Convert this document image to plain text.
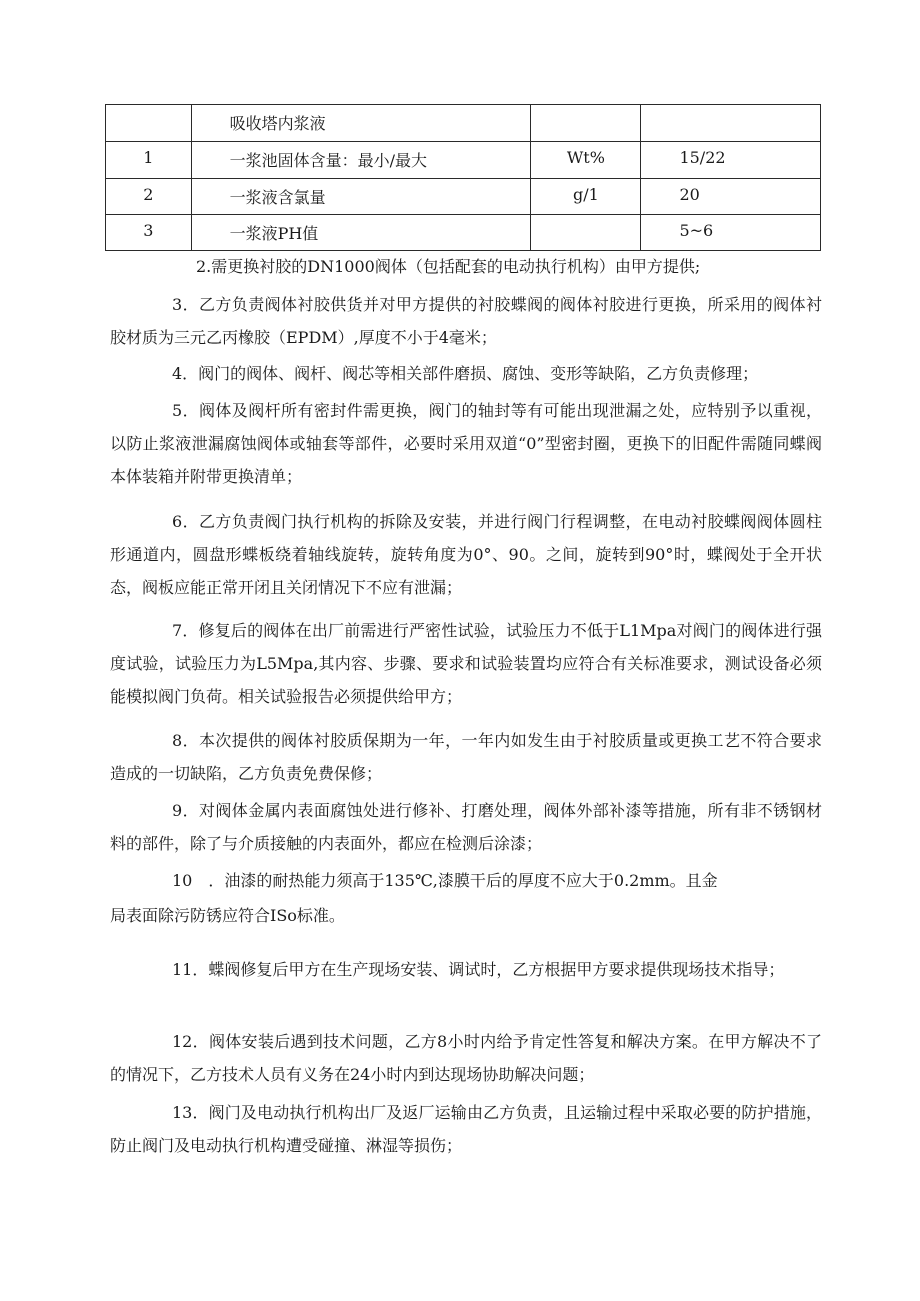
	吸收塔内浆液		
1	一浆池固体含量：最小/最大	Wt%	15/22
2	一浆液含氯量	g/1	20
3	一浆液PH值		5~6

2.需更换衬胶的DN1000阀体（包括配套的电动执行机构）由甲方提供;

3．乙方负责阀体衬胶供货并对甲方提供的衬胶蝶阀的阀体衬胶进行更换，所采用的阀体衬胶材质为三元乙丙橡胶（EPDM）,厚度不小于4毫米；

4．阀门的阀体、阀杆、阀芯等相关部件磨损、腐蚀、变形等缺陷，乙方负责修理；

5．阀体及阀杆所有密封件需更换，阀门的轴封等有可能出现泄漏之处，应特别予以重视，以防止浆液泄漏腐蚀阀体或轴套等部件，必要时采用双道“0”型密封圈，更换下的旧配件需随同蝶阀本体装箱并附带更换清单；

6．乙方负责阀门执行机构的拆除及安装，并进行阀门行程调整，在电动衬胶蝶阀阀体圆柱形通道内，圆盘形蝶板绕着轴线旋转，旋转角度为0°、90。之间，旋转到90°时，蝶阀处于全开状态，阀板应能正常开闭且关闭情况下不应有泄漏；

7．修复后的阀体在出厂前需进行严密性试验，试验压力不低于L1Mpa对阀门的阀体进行强度试验，试验压力为L5Mpa,其内容、步骤、要求和试验装置均应符合有关标准要求，测试设备必须能模拟阀门负荷。相关试验报告必须提供给甲方；

8．本次提供的阀体衬胶质保期为一年，一年内如发生由于衬胶质量或更换工艺不符合要求造成的一切缺陷，乙方负责免费保修；

9．对阀体金属内表面腐蚀处进行修补、打磨处理，阀体外部补漆等措施，所有非不锈钢材料的部件，除了与介质接触的内表面外，都应在检测后涂漆；

10　．油漆的耐热能力须高于135℃,漆膜干后的厚度不应大于0.2mm。且金

局表面除污防锈应符合ISo标准。

11．蝶阀修复后甲方在生产现场安装、调试时，乙方根据甲方要求提供现场技术指导；

12．阀体安装后遇到技术问题，乙方8小时内给予肯定性答复和解决方案。在甲方解决不了的情况下，乙方技术人员有义务在24小时内到达现场协助解决问题；

13．阀门及电动执行机构出厂及返厂运输由乙方负责，且运输过程中采取必要的防护措施，防止阀门及电动执行机构遭受碰撞、淋湿等损伤；
